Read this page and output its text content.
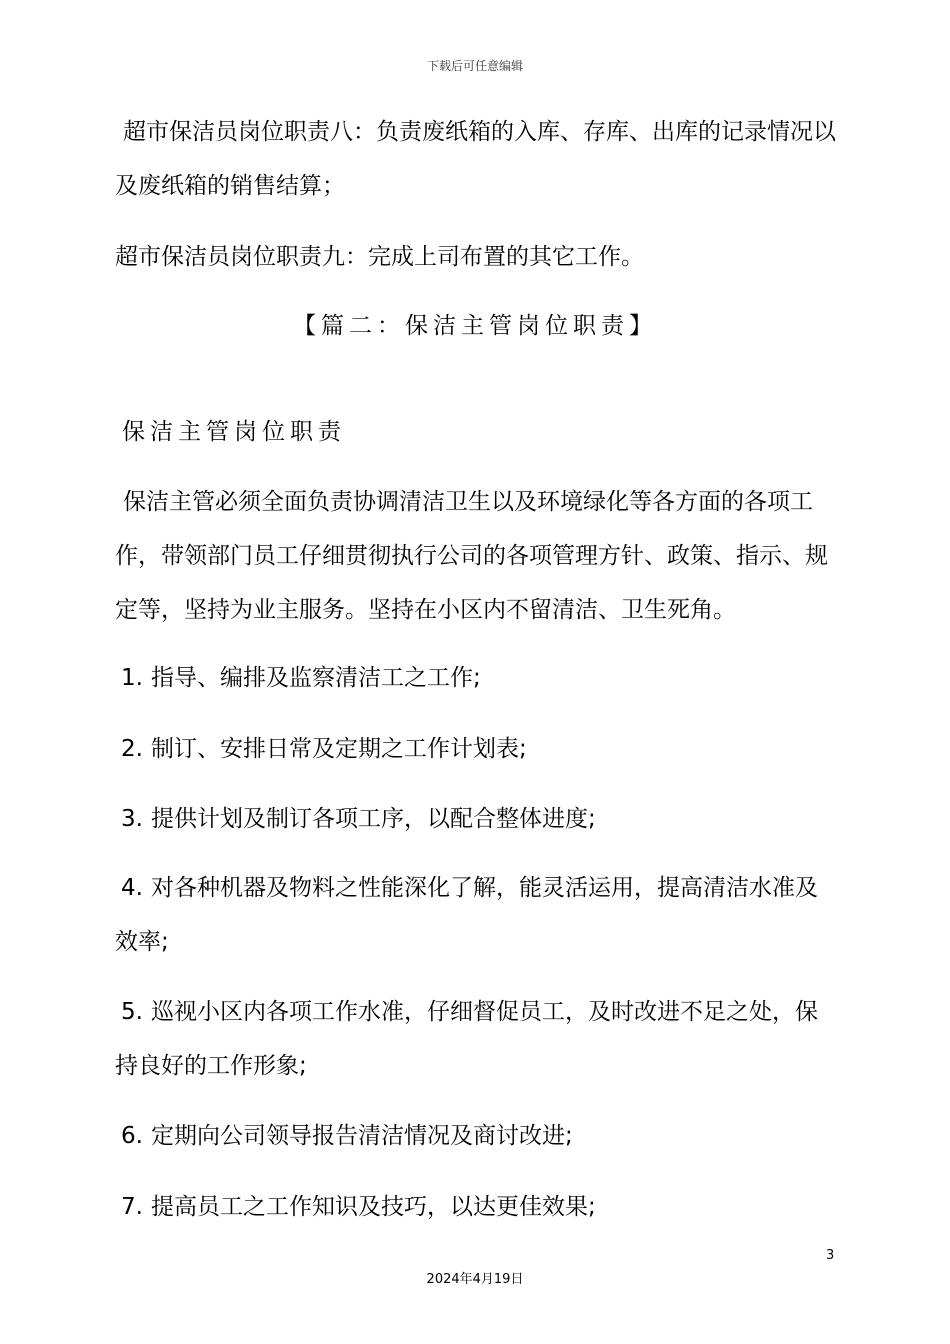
下载后可任意编辑
超市保洁员岗位职责八：负责废纸箱的入库、存库、出库的记录情况以及废纸箱的销售结算；
超市保洁员岗位职责九：完成上司布置的其它工作。
【篇二：保洁主管岗位职责】
保洁主管岗位职责
保洁主管必须全面负责协调清洁卫生以及环境绿化等各方面的各项工作，带领部门员工仔细贯彻执行公司的各项管理方针、政策、指示、规定等，坚持为业主服务。坚持在小区内不留清洁、卫生死角。
1. 指导、编排及监察清洁工之工作;
2. 制订、安排日常及定期之工作计划表;
3. 提供计划及制订各项工序，以配合整体进度;
4. 对各种机器及物料之性能深化了解，能灵活运用，提高清洁水准及效率;
5. 巡视小区内各项工作水准，仔细督促员工，及时改进不足之处，保持良好的工作形象;
6. 定期向公司领导报告清洁情况及商讨改进;
7. 提高员工之工作知识及技巧，以达更佳效果;
3
2024年4月19日
